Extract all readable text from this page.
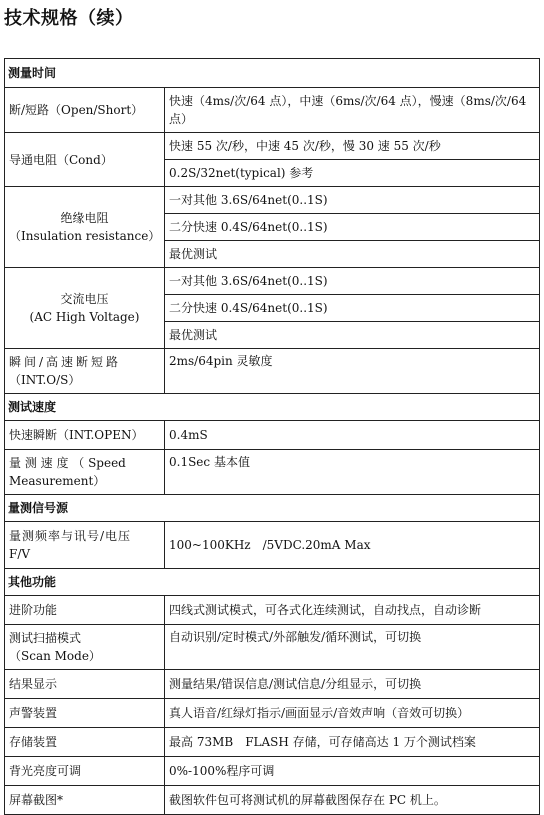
技术规格（续）
测量时间	
断/短路（Open/Short）	快速（4ms/次/64 点），中速（6ms/次/64 点），慢速（8ms/次/64 点）
导通电阻（Cond）	快速 55 次/秒，中速 45 次/秒，慢 30 速 55 次/秒
	0.2S/32net(typical) 参考

绝缘电阻
（Insulation resistance）	一对其他 3.6S/64net(0..1S)
	二分快速 0.4S/64net(0..1S)
	最优测试

交流电压
(AC High Voltage)	一对其他 3.6S/64net(0..1S)
	二分快速 0.4S/64net(0..1S)
	最优测试

瞬间/高速断短路
（INT.O/S）	2ms/64pin 灵敏度
测试速度	
快速瞬断（INT.OPEN）	0.4mS

量 测 速 度 （ Speed
Measurement）	0.1Sec 基本值
量测信号源	

量测频率与讯号/电压
F/V	100~100KHz　/5VDC.20mA Max
其他功能	
进阶功能	四线式测试模式，可各式化连续测试，自动找点，自动诊断

测试扫描模式
（Scan Mode）	自动识别/定时模式/外部触发/循环测试，可切换
结果显示	测量结果/错误信息/测试信息/分组显示，可切换
声警装置	真人语音/红绿灯指示/画面显示/音效声响（音效可切换）
存储装置	最高 73MB　FLASH 存储，可存储高达 1 万个测试档案
背光亮度可调	0%-100%程序可调
屏幕截图*	截图软件包可将测试机的屏幕截图保存在 PC 机上。
